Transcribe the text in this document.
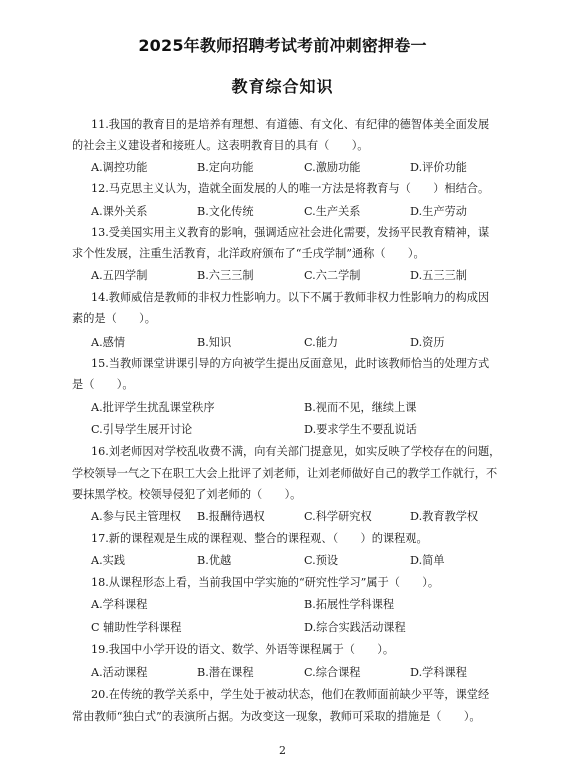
2025年教师招聘考试考前冲刺密押卷一
教育综合知识
11.我国的教育目的是培养有理想、有道德、有文化、有纪律的德智体美全面发展
的社会主义建设者和接班人。这表明教育目的具有（　　）。
A.调控功能	B.定向功能	C.激励功能	D.评价功能
12.马克思主义认为，造就全面发展的人的唯一方法是将教育与（　　）相结合。
A.课外关系	B.文化传统	C.生产关系	D.生产劳动
13.受美国实用主义教育的影响，强调适应社会进化需要，发扬平民教育精神，谋
求个性发展，注重生活教育，北洋政府颁布了“壬戌学制”通称（　　）。
A.五四学制	B.六三三制	C.六二学制	D.五三三制
14.教师威信是教师的非权力性影响力。以下不属于教师非权力性影响力的构成因
素的是（　　）。
A.感情	B.知识	C.能力	D.资历
15.当教师课堂讲课引导的方向被学生提出反面意见，此时该教师恰当的处理方式
是（　　）。
A.批评学生扰乱课堂秩序	B.视而不见，继续上课
C.引导学生展开讨论	D.要求学生不要乱说话
16.刘老师因对学校乱收费不满，向有关部门提意见，如实反映了学校存在的问题，
学校领导一气之下在职工大会上批评了刘老师，让刘老师做好自己的教学工作就行，不
要抹黑学校。校领导侵犯了刘老师的（　　）。
A.参与民主管理权 B.报酬待遇权	C.科学研究权	D.教育教学权
17.新的课程观是生成的课程观、整合的课程观、（　　）的课程观。
A.实践	B.优越	C.预设	D.简单
18.从课程形态上看，当前我国中学实施的“研究性学习”属于（　　）。
A.学科课程	B.拓展性学科课程
C 辅助性学科课程	D.综合实践活动课程
19.我国中小学开设的语文、数学、外语等课程属于（　　）。
A.活动课程	B.潜在课程	C.综合课程	D.学科课程
20.在传统的教学关系中，学生处于被动状态，他们在教师面前缺少平等，课堂经
常由教师“独白式”的表演所占据。为改变这一现象，教师可采取的措施是（　　）。
2
